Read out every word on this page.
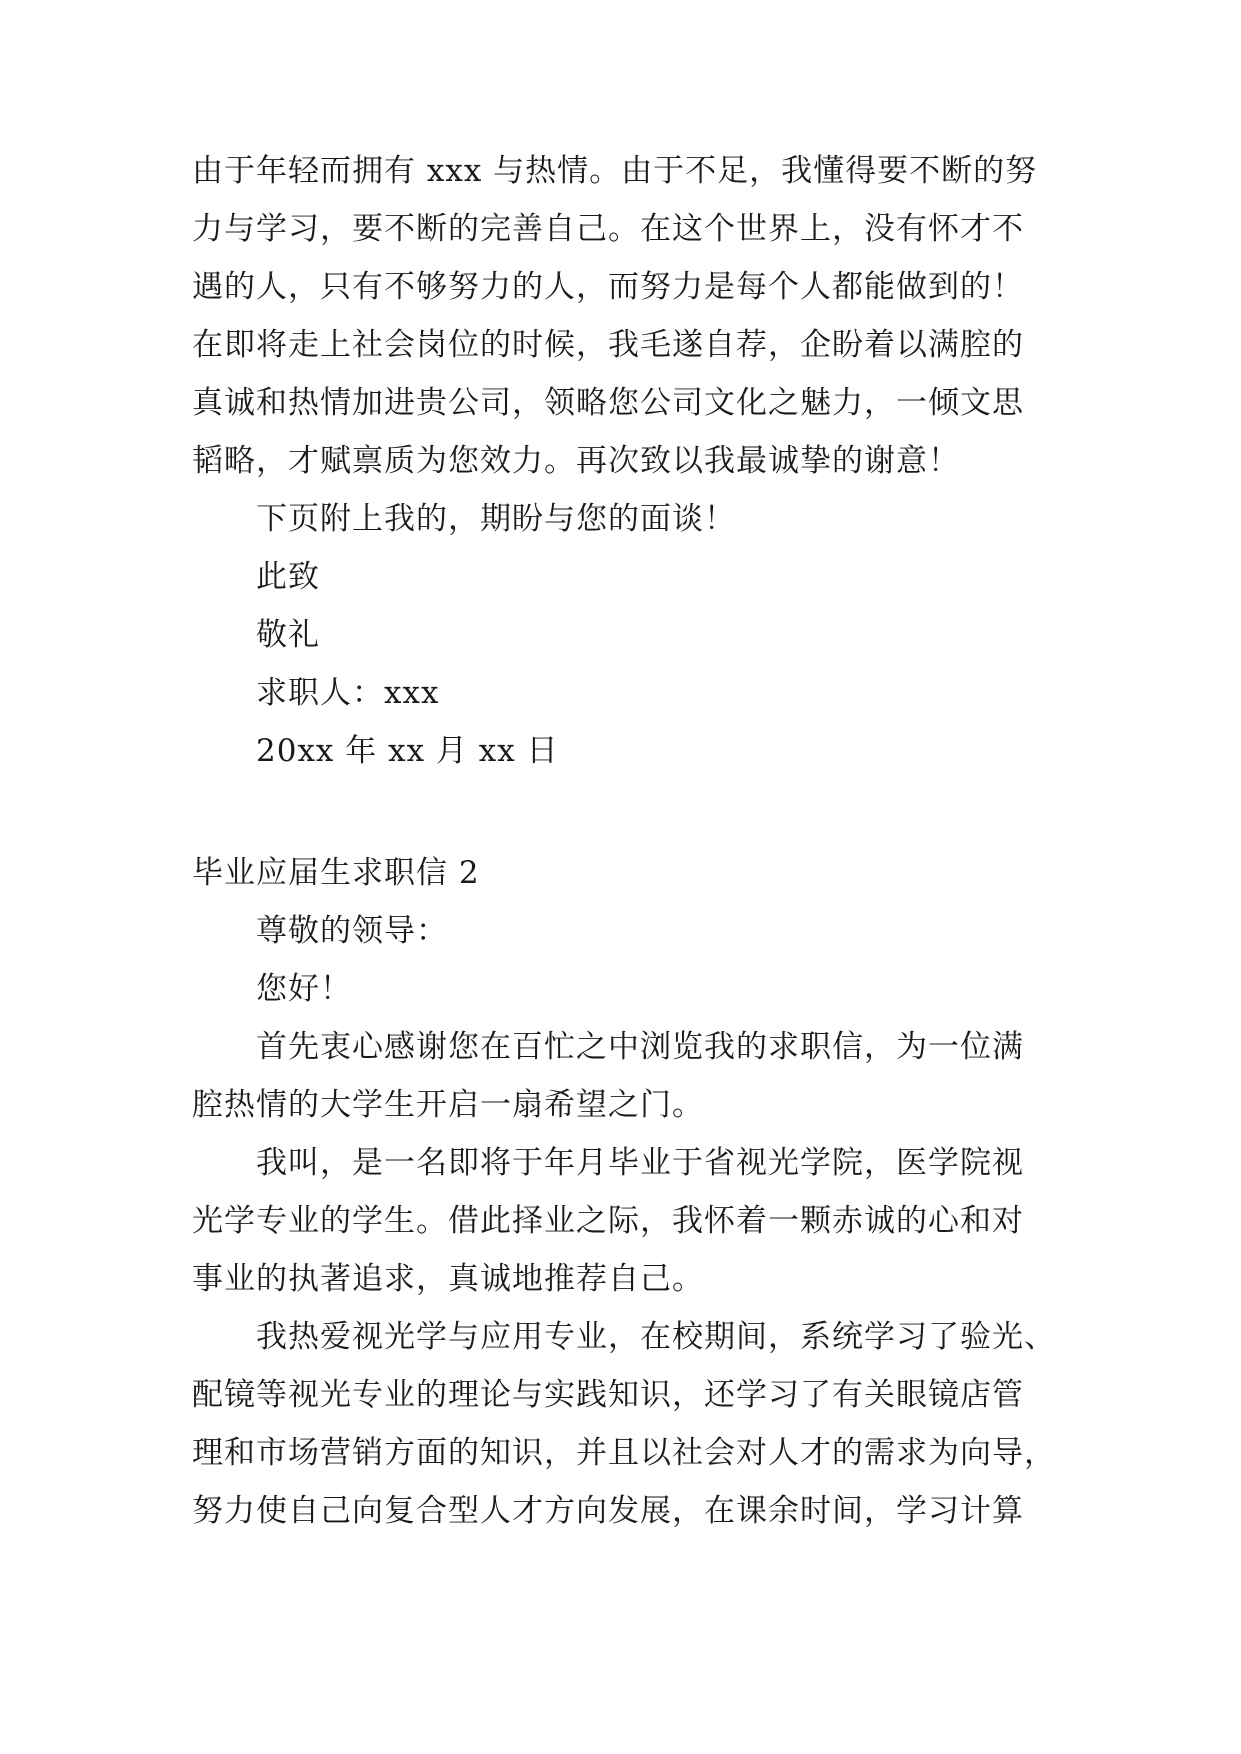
由于年轻而拥有 xxx 与热情。由于不足，我懂得要不断的努
力与学习，要不断的完善自己。在这个世界上，没有怀才不
遇的人，只有不够努力的人，而努力是每个人都能做到的！
在即将走上社会岗位的时候，我毛遂自荐，企盼着以满腔的
真诚和热情加进贵公司，领略您公司文化之魅力，一倾文思
韬略，才赋禀质为您效力。再次致以我最诚挚的谢意！
下页附上我的，期盼与您的面谈！
此致
敬礼
求职人：xxx
20xx 年 xx 月 xx 日
毕业应届生求职信 2
尊敬的领导：
您好！
首先衷心感谢您在百忙之中浏览我的求职信，为一位满
腔热情的大学生开启一扇希望之门。
我叫，是一名即将于年月毕业于省视光学院，医学院视
光学专业的学生。借此择业之际，我怀着一颗赤诚的心和对
事业的执著追求，真诚地推荐自己。
我热爱视光学与应用专业，在校期间，系统学习了验光、
配镜等视光专业的理论与实践知识，还学习了有关眼镜店管
理和市场营销方面的知识，并且以社会对人才的需求为向导，
努力使自己向复合型人才方向发展，在课余时间，学习计算
